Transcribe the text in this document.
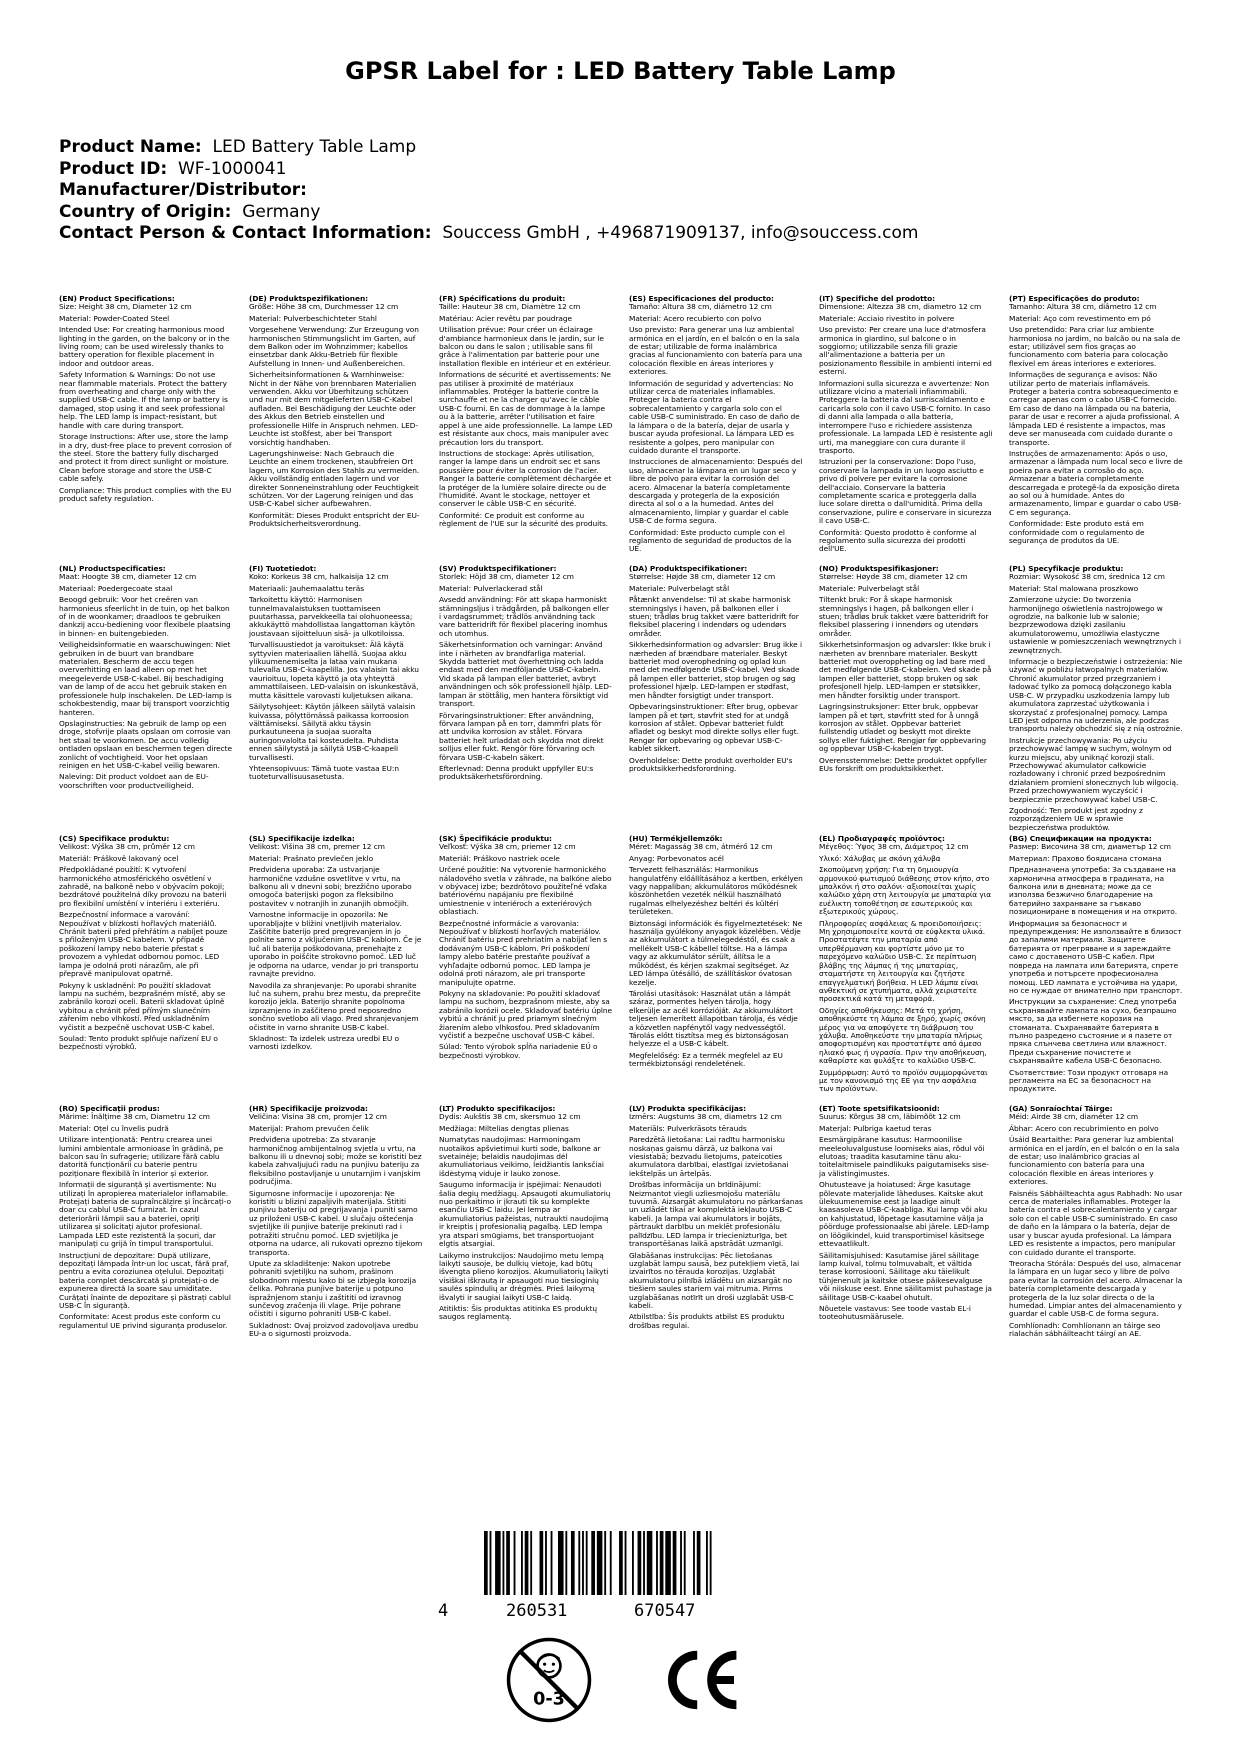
GPSR Label for : LED Battery Table Lamp
Product Name: LED Battery Table Lamp
Product ID: WF-1000041
Manufacturer/Distributor:
Country of Origin: Germany
Contact Person & Contact Information: Souccess GmbH , +496871909137, info@souccess.com
(EN) Product Specifications:

Size: Height 38 cm, Diameter 12 cm

Material: Powder-Coated Steel

Intended Use: For creating harmonious mood lighting in the garden, on the balcony or in the living room; can be used wirelessly thanks to battery operation for flexible placement in indoor and outdoor areas.

Safety Information & Warnings: Do not use near flammable materials. Protect the battery from overheating and charge only with the supplied USB-C cable. If the lamp or battery is damaged, stop using it and seek professional help. The LED lamp is impact-resistant, but handle with care during transport.

Storage Instructions: After use, store the lamp in a dry, dust-free place to prevent corrosion of the steel. Store the battery fully discharged and protect it from direct sunlight or moisture. Clean before storage and store the USB-C cable safely.

Compliance: This product complies with the EU product safety regulation.

(DE) Produktspezifikationen:

Größe: Höhe 38 cm, Durchmesser 12 cm

Material: Pulverbeschichteter Stahl

Vorgesehene Verwendung: Zur Erzeugung von harmonischen Stimmungslicht im Garten, auf dem Balkon oder im Wohnzimmer; kabellos einsetzbar dank Akku-Betrieb für flexible Aufstellung in Innen- und Außenbereichen.

Sicherheitsinformationen & Warnhinweise: Nicht in der Nähe von brennbaren Materialien verwenden. Akku vor Überhitzung schützen und nur mit dem mitgelieferten USB-C-Kabel aufladen. Bei Beschädigung der Leuchte oder des Akkus den Betrieb einstellen und professionelle Hilfe in Anspruch nehmen. LED-Leuchte ist stoßfest, aber bei Transport vorsichtig handhaben.

Lagerungshinweise: Nach Gebrauch die Leuchte an einem trockenen, staubfreien Ort lagern, um Korrosion des Stahls zu vermeiden. Akku vollständig entladen lagern und vor direkter Sonneneinstrahlung oder Feuchtigkeit schützen. Vor der Lagerung reinigen und das USB-C-Kabel sicher aufbewahren.

Konformität: Dieses Produkt entspricht der EU-Produktsicherheitsverordnung.

(FR) Spécifications du produit:

Taille: Hauteur 38 cm, Diamètre 12 cm

Matériau: Acier revêtu par poudrage

Utilisation prévue: Pour créer un éclairage d'ambiance harmonieux dans le jardin, sur le balcon ou dans le salon ; utilisable sans fil grâce à l'alimentation par batterie pour une installation flexible en intérieur et en extérieur.

Informations de sécurité et avertissements: Ne pas utiliser à proximité de matériaux inflammables. Protéger la batterie contre la surchauffe et ne la charger qu'avec le câble USB-C fourni. En cas de dommage à la lampe ou à la batterie, arrêter l'utilisation et faire appel à une aide professionnelle. La lampe LED est résistante aux chocs, mais manipuler avec précaution lors du transport.

Instructions de stockage: Après utilisation, ranger la lampe dans un endroit sec et sans poussière pour éviter la corrosion de l'acier. Ranger la batterie complètement déchargée et la protéger de la lumière solaire directe ou de l'humidité. Avant le stockage, nettoyer et conserver le câble USB-C en sécurité.

Conformité: Ce produit est conforme au règlement de l'UE sur la sécurité des produits.

(ES) Especificaciones del producto:

Tamaño: Altura 38 cm, diámetro 12 cm

Material: Acero recubierto con polvo

Uso previsto: Para generar una luz ambiental armónica en el jardín, en el balcón o en la sala de estar; utilizable de forma inalámbrica gracias al funcionamiento con batería para una colocación flexible en áreas interiores y exteriores.

Información de seguridad y advertencias: No utilizar cerca de materiales inflamables. Proteger la batería contra el sobrecalentamiento y cargarla solo con el cable USB-C suministrado. En caso de daño de la lámpara o de la batería, dejar de usarla y buscar ayuda profesional. La lámpara LED es resistente a golpes, pero manipular con cuidado durante el transporte.

Instrucciones de almacenamiento: Después del uso, almacenar la lámpara en un lugar seco y libre de polvo para evitar la corrosión del acero. Almacenar la batería completamente descargada y protegerla de la exposición directa al sol o a la humedad. Antes del almacenamiento, limpiar y guardar el cable USB-C de forma segura.

Conformidad: Este producto cumple con el reglamento de seguridad de productos de la UE.

(IT) Specifiche del prodotto:

Dimensione: Altezza 38 cm, diametro 12 cm

Materiale: Acciaio rivestito in polvere

Uso previsto: Per creare una luce d'atmosfera armonica in giardino, sul balcone o in soggiorno; utilizzabile senza fili grazie all'alimentazione a batteria per un posizionamento flessibile in ambienti interni ed esterni.

Informazioni sulla sicurezza e avvertenze: Non utilizzare vicino a materiali infiammabili. Proteggere la batteria dal surriscaldamento e caricarla solo con il cavo USB-C fornito. In caso di danni alla lampada o alla batteria, interrompere l'uso e richiedere assistenza professionale. La lampada LED è resistente agli urti, ma maneggiare con cura durante il trasporto.

Istruzioni per la conservazione: Dopo l'uso, conservare la lampada in un luogo asciutto e privo di polvere per evitare la corrosione dell'acciaio. Conservare la batteria completamente scarica e proteggerla dalla luce solare diretta o dall'umidità. Prima della conservazione, pulire e conservare in sicurezza il cavo USB-C.

Conformità: Questo prodotto è conforme al regolamento sulla sicurezza dei prodotti dell'UE.

(PT) Especificações do produto:

Tamanho: Altura 38 cm, diâmetro 12 cm

Material: Aço com revestimento em pó

Uso pretendido: Para criar luz ambiente harmoniosa no jardim, no balcão ou na sala de estar; utilizável sem fios graças ao funcionamento com bateria para colocação flexível em áreas interiores e exteriores.

Informações de segurança e avisos: Não utilizar perto de materiais inflamáveis. Proteger a bateria contra sobreaquecimento e carregar apenas com o cabo USB-C fornecido. Em caso de dano na lâmpada ou na bateria, parar de usar e recorrer a ajuda profissional. A lâmpada LED é resistente a impactos, mas deve ser manuseada com cuidado durante o transporte.

Instruções de armazenamento: Após o uso, armazenar a lâmpada num local seco e livre de poeira para evitar a corrosão do aço. Armazenar a bateria completamente descarregada e protegê-la da exposição direta ao sol ou à humidade. Antes do armazenamento, limpar e guardar o cabo USB-C em segurança.

Conformidade: Este produto está em conformidade com o regulamento de segurança de produtos da UE.

(NL) Productspecificaties:

Maat: Hoogte 38 cm, diameter 12 cm

Materiaal: Poedergecoate staal

Beoogd gebruik: Voor het creëren van harmonieus sfeerlicht in de tuin, op het balkon of in de woonkamer; draadloos te gebruiken dankzij accu-bediening voor flexibele plaatsing in binnen- en buitengebieden.

Veiligheidsinformatie en waarschuwingen: Niet gebruiken in de buurt van brandbare materialen. Bescherm de accu tegen oververhitting en laad alleen op met het meegeleverde USB-C-kabel. Bij beschadiging van de lamp of de accu het gebruik staken en professionele hulp inschakelen. De LED-lamp is schokbestendig, maar bij transport voorzichtig hanteren.

Opslaginstructies: Na gebruik de lamp op een droge, stofvrije plaats opslaan om corrosie van het staal te voorkomen. De accu volledig ontladen opslaan en beschermen tegen directe zonlicht of vochtigheid. Voor het opslaan reinigen en het USB-C-kabel veilig bewaren.

Naleving: Dit product voldoet aan de EU-voorschriften voor productveiligheid.

(FI) Tuotetiedot:

Koko: Korkeus 38 cm, halkaisija 12 cm

Materiaali: Jauhemaalattu teräs

Tarkoitettu käyttö: Harmonisen tunnelmavalaistuksen tuottamiseen puutarhassa, parvekkeella tai olohuoneessa; akkukäyttö mahdollistaa langattoman käytön joustavaan sijoitteluun sisä- ja ulkotiloissa.

Turvallisuustiedot ja varoitukset: Älä käytä syttyvien materiaalien lähellä. Suojaa akku ylikuumenemiselta ja lataa vain mukana tulevalla USB-C-kaapelilla. Jos valaisin tai akku vaurioituu, lopeta käyttö ja ota yhteyttä ammattilaiseen. LED-valaisin on iskunkestävä, mutta käsittele varovasti kuljetuksen aikana.

Säilytysohjeet: Käytön jälkeen säilytä valaisin kuivassa, pölyttömässä paikassa korroosion välttämiseksi. Säilytä akku täysin purkautuneena ja suojaa suoralta auringonvalolta tai kosteudelta. Puhdista ennen säilytystä ja säilytä USB-C-kaapeli turvallisesti.

Yhteensopivuus: Tämä tuote vastaa EU:n tuoteturvallisuusasetusta.

(SV) Produktspecifikationer:

Storlek: Höjd 38 cm, diameter 12 cm

Material: Pulverlackerad stål

Avsedd användning: För att skapa harmoniskt stämningsljus i trädgården, på balkongen eller i vardagsrummet; trådlös användning tack vare batteridrift för flexibel placering inomhus och utomhus.

Säkerhetsinformation och varningar: Använd inte i närheten av brandfarliga material. Skydda batteriet mot överhettning och ladda endast med den medföljande USB-C-kabeln. Vid skada på lampan eller batteriet, avbryt användningen och sök professionell hjälp. LED-lampan är stöttålig, men hantera försiktigt vid transport.

Förvaringsinstruktioner: Efter användning, förvara lampan på en torr, dammfri plats för att undvika korrosion av stålet. Förvara batteriet helt urladdat och skydda mot direkt solljus eller fukt. Rengör före förvaring och förvara USB-C-kabeln säkert.

Efterlevnad: Denna produkt uppfyller EU:s produktsäkerhetsförordning.

(DA) Produktspecifikationer:

Størrelse: Højde 38 cm, diameter 12 cm

Materiale: Pulverbelagt stål

Påtænkt anvendelse: Til at skabe harmonisk stemningslys i haven, på balkonen eller i stuen; trådløs brug takket være batteridrift for fleksibel placering i indendørs og udendørs områder.

Sikkerhedsinformation og advarsler: Brug ikke i nærheden af brændbare materialer. Beskyt batteriet mod overophedning og oplad kun med det medfølgende USB-C-kabel. Ved skade på lampen eller batteriet, stop brugen og søg professionel hjælp. LED-lampen er stødfast, men håndter forsigtigt under transport.

Opbevaringsinstruktioner: Efter brug, opbevar lampen på et tørt, støvfrit sted for at undgå korrosion af stålet. Opbevar batteriet fuldt afladet og beskyt mod direkte sollys eller fugt. Rengør før opbevaring og opbevar USB-C-kablet sikkert.

Overholdelse: Dette produkt overholder EU's produktsikkerhedsforordning.

(NO) Produktspesifikasjoner:

Størrelse: Høyde 38 cm, diameter 12 cm

Materiale: Pulverbelagt stål

Tiltenkt bruk: For å skape harmonisk stemningslys i hagen, på balkongen eller i stuen; trådløs bruk takket være batteridrift for fleksibel plassering i innendørs og utendørs områder.

Sikkerhetsinformasjon og advarsler: Ikke bruk i nærheten av brennbare materialer. Beskytt batteriet mot overoppheting og lad bare med det medfølgende USB-C-kabelen. Ved skade på lampen eller batteriet, stopp bruken og søk profesjonell hjelp. LED-lampen er støtsikker, men håndter forsiktig under transport.

Lagringsinstruksjoner: Etter bruk, oppbevar lampen på et tørt, støvfritt sted for å unngå korrosjon av stålet. Oppbevar batteriet fullstendig utladet og beskytt mot direkte sollys eller fuktighet. Rengjør før oppbevaring og oppbevar USB-C-kabelen trygt.

Overensstemmelse: Dette produktet oppfyller EUs forskrift om produktsikkerhet.

(PL) Specyfikacje produktu:

Rozmiar: Wysokość 38 cm, średnica 12 cm

Materiał: Stal malowana proszkowo

Zamierzone użycie: Do tworzenia harmonijnego oświetlenia nastrojowego w ogrodzie, na balkonie lub w salonie; bezprzewodowa dzięki zasilaniu akumulatorowemu, umożliwia elastyczne ustawienie w pomieszczeniach wewnętrznych i zewnętrznych.

Informacje o bezpieczeństwie i ostrzeżenia: Nie używać w pobliżu łatwopalnych materiałów. Chronić akumulator przed przegrzaniem i ładować tylko za pomocą dołączonego kabla USB-C. W przypadku uszkodzenia lampy lub akumulatora zaprzestać użytkowania i skorzystać z profesjonalnej pomocy. Lampa LED jest odporna na uderzenia, ale podczas transportu należy obchodzić się z nią ostrożnie.

Instrukcje przechowywania: Po użyciu przechowywać lampę w suchym, wolnym od kurzu miejscu, aby uniknąć korozji stali. Przechowywać akumulator całkowicie rozładowany i chronić przed bezpośrednim działaniem promieni słonecznych lub wilgocią. Przed przechowywaniem wyczyścić i bezpiecznie przechowywać kabel USB-C.

Zgodność: Ten produkt jest zgodny z rozporządzeniem UE w sprawie bezpieczeństwa produktów.

(CS) Specifikace produktu:

Velikost: Výška 38 cm, průměr 12 cm

Materiál: Práškově lakovaný ocel

Předpokládané použití: K vytvoření harmonického atmosférického osvětlení v zahradě, na balkoně nebo v obývacím pokoji; bezdrátové použitelná díky provozu na baterii pro flexibilní umístění v interiéru i exteriéru.

Bezpečnostní informace a varování: Nepoužívat v blízkosti hořlavých materiálů. Chránit baterii před přehřátím a nabíjet pouze s přiloženým USB-C kabelem. V případě poškození lampy nebo baterie přestat s provozem a vyhledat odbornou pomoc. LED lampa je odolná proti nárazům, ale při přepravě manipulovat opatrně.

Pokyny k uskladnění: Po použití skladovat lampu na suchém, bezprašném místě, aby se zabránilo korozi oceli. Baterii skladovat úplně vybitou a chránit před přímým slunečním zářením nebo vlhkostí. Před uskladněním vyčistit a bezpečně uschovat USB-C kabel.

Soulad: Tento produkt splňuje nařízení EU o bezpečnosti výrobků.

(SL) Specifikacije izdelka:

Velikost: Višina 38 cm, premer 12 cm

Material: Prašnato prevlečen jeklo

Predvidena uporaba: Za ustvarjanje harmonične vzdušne osvetlitve v vrtu, na balkonu ali v dnevni sobi; brezžično uporabo omogoča baterijski pogon za fleksibilno postavitev v notranjih in zunanjih območjih.

Varnostne informacije in opozorila: Ne uporabljajte v bližini vnetljivih materialov. Zaščitite baterijo pred pregrevanjem in jo polnite samo z vključenim USB-C kablom. Če je luč ali baterija poškodovana, prenehajte z uporabo in poiščite strokovno pomoč. LED luč je odporna na udarce, vendar jo pri transportu ravnajte previdno.

Navodila za shranjevanje: Po uporabi shranite luč na suhem, prahu brez mestu, da preprečite korozijo jekla. Baterijo shranite popolnoma izpraznjeno in zaščiteno pred neposredno sončno svetlobo ali vlago. Pred shranjevanjem očistite in varno shranite USB-C kabel.

Skladnost: Ta izdelek ustreza uredbi EU o varnosti izdelkov.

(SK) Špecifikácie produktu:

Veľkosť: Výška 38 cm, priemer 12 cm

Materiál: Práškovo nastriek ocele

Určené použitie: Na vytvorenie harmonického náladového svetla v záhrade, na balkóne alebo v obývacej izbe; bezdrôtovo použiteľné vďaka batériovému napájaniu pre flexibilné umiestnenie v interiéroch a exteriérových oblastiach.

Bezpečnostné informácie a varovania: Nepoužívať v blízkosti horľavých materiálov. Chrániť batériu pred prehriatím a nabíjať len s dodávaným USB-C káblom. Pri poškodení lampy alebo batérie prestaňte používať a vyhľadajte odbornú pomoc. LED lampa je odolná proti nárazom, ale pri transporte manipulujte opatrne.

Pokyny na skladovanie: Po použití skladovať lampu na suchom, bezprašnom mieste, aby sa zabránilo korózii ocele. Skladovať batériu úplne vybitú a chrániť ju pred priamym slnečným žiarením alebo vlhkosťou. Pred skladovaním vyčistiť a bezpečne uschovať USB-C kábel.

Súlad: Tento výrobok spĺňa nariadenie EÚ o bezpečnosti výrobkov.

(HU) Termékjellemzők:

Méret: Magasság 38 cm, átmérő 12 cm

Anyag: Porbevonatos acél

Tervezett felhasználás: Harmonikus hangulatfény előállításához a kertben, erkélyen vagy nappaliban; akkumulátoros működésnek köszönhetően vezeték nélkül használható rugalmas elhelyezéshez beltéri és kültéri területeken.

Biztonsági információk és figyelmeztetések: Ne használja gyúlékony anyagok közelében. Védje az akkumulátort a túlmelegedéstől, és csak a mellékelt USB-C kábellel töltse. Ha a lámpa vagy az akkumulátor sérült, állítsa le a működést, és kérjen szakmai segítséget. Az LED lámpa ütésálló, de szállításkor óvatosan kezelje.

Tárolási utasítások: Használat után a lámpát száraz, pormentes helyen tárolja, hogy elkerülje az acél korrózióját. Az akkumulátort teljesen lemerített állapotban tárolja, és védje a közvetlen napfénytől vagy nedvességtől. Tárolás előtt tisztítsa meg és biztonságosan helyezze el a USB-C kábelt.

Megfelelőség: Ez a termék megfelel az EU termékbiztonsági rendeletének.

(EL) Προδιαγραφές προϊόντος:

Μέγεθος: Ύψος 38 cm, Διάμετρος 12 cm

Υλικό: Χάλυβας με σκόνη χάλυβα

Σκοπούμενη χρήση: Για τη δημιουργία αρμονικού φωτισμού διάθεσης στον κήπο, στο μπαλκόνι ή στο σαλόνι· αξιοποιείται χωρίς καλώδιο χάρη στη λειτουργία με μπαταρία για ευέλικτη τοποθέτηση σε εσωτερικούς και εξωτερικούς χώρους.

Πληροφορίες ασφάλειας & προειδοποιήσεις: Μη χρησιμοποιείτε κοντά σε εύφλεκτα υλικά. Προστατέψτε την μπαταρία από υπερθέρμανση και φορτίστε μόνο με το παρεχόμενο καλώδιο USB-C. Σε περίπτωση βλάβης της λάμπας ή της μπαταρίας, σταματήστε τη λειτουργία και ζητήστε επαγγελματική βοήθεια. Η LED λάμπα είναι ανθεκτική σε χτυπήματα, αλλά χειριστείτε προσεκτικά κατά τη μεταφορά.

Οδηγίες αποθήκευσης: Μετά τη χρήση, αποθηκεύστε τη λάμπα σε ξηρό, χωρίς σκόνη μέρος για να αποφύγετε τη διάβρωση του χάλυβα. Αποθηκεύστε την μπαταρία πλήρως αποφορτισμένη και προστατέψτε από άμεσο ηλιακό φως ή υγρασία. Πριν την αποθήκευση, καθαρίστε και φυλάξτε το καλώδιο USB-C.

Συμμόρφωση: Αυτό το προϊόν συμμορφώνεται με τον κανονισμό της ΕΕ για την ασφάλεια των προϊόντων.

(BG) Спецификации на продукта:

Размер: Височина 38 cm, диаметър 12 cm

Материал: Прахово боядисана стомана

Предназначена употреба: За създаване на хармонична атмосфера в градината, на балкона или в дневната; може да се използва безжично благодарение на батерийно захранване за гъвкаво позициониране в помещения и на открито.

Информация за безопасност и предупреждения: Не използвайте в близост до запалими материали. Защитете батерията от прегряване и я зареждайте само с доставеното USB-C кабел. При повреда на лампата или батерията, спрете употреба и потърсете професионална помощ. LED лампата е устойчива на удари, но се нуждае от внимателно при транспорт.

Инструкции за съхранение: След употреба съхранявайте лампата на сухо, безпрашно място, за да избегнете корозия на стоманата. Съхранявайте батерията в пълно разредено състояние и я пазете от пряка слънчева светлина или влажност. Преди съхранение почистете и съхранявайте кабела USB-C безопасно.

Съответствие: Този продукт отговаря на регламента на ЕС за безопасност на продуктите.

(RO) Specificații produs:

Mărime: Înălțime 38 cm, Diametru 12 cm

Material: Oțel cu învelis pudră

Utilizare intenționată: Pentru crearea unei lumini ambientale armonioase în grădină, pe balcon sau în sufragerie; utilizare fără cablu datorită funcționării cu baterie pentru poziționare flexibilă în interior și exterior.

Informații de siguranță și avertismente: Nu utilizați în apropierea materialelor inflamabile. Protejați bateria de supraîncălzire și încărcați-o doar cu cablul USB-C furnizat. În cazul deteriorării lămpii sau a bateriei, opriți utilizarea și solicitați ajutor profesional. Lampada LED este rezistentă la șocuri, dar manipulați cu grijă în timpul transportului.

Instrucțiuni de depozitare: După utilizare, depozitați lămpada într-un loc uscat, fără praf, pentru a evita coroziunea oțelului. Depozitați bateria complet descărcată și protejați-o de expunerea directă la soare sau umiditate. Curățați înainte de depozitare și păstrați cablul USB-C în siguranță.

Conformitate: Acest produs este conform cu regulamentul UE privind siguranța produselor.

(HR) Specifikacije proizvoda:

Veličina: Visina 38 cm, promjer 12 cm

Materijal: Prahom prevučen čelik

Predviđena upotreba: Za stvaranje harmoničnog ambijentalnog svjetla u vrtu, na balkonu ili u dnevnoj sobi; može se koristiti bez kabela zahvaljujući radu na punjivu bateriju za fleksibilno postavljanje u unutarnjim i vanjskim područjima.

Sigurnosne informacije i upozorenja: Ne koristiti u blizini zapaljivih materijala. Štititi punjivu bateriju od pregrijavanja i puniti samo uz priloženi USB-C kabel. U slučaju oštećenja svjetiljke ili punjive baterije prekinuti rad i potražiti stručnu pomoć. LED svjetiljka je otporna na udarce, ali rukovati oprezno tijekom transporta.

Upute za skladištenje: Nakon upotrebe pohraniti svjetiljku na suhom, prašinom slobodnom mjestu kako bi se izbjegla korozija čelika. Pohrana punjive baterije u potpuno ispražnjenom stanju i zaštititi od izravnog sunčevog zračenja ili vlage. Prije pohrane očistiti i sigurno pohraniti USB-C kabel.

Sukladnost: Ovaj proizvod zadovoljava uredbu EU-a o sigurnosti proizvoda.

(LT) Produkto specifikacijos:

Dydis: Aukštis 38 cm, skersmuo 12 cm

Medžiaga: Miltelias dengtas plienas

Numatytas naudojimas: Harmoningam nuotaikos apšvietimui kurti sode, balkone ar svetainėje; belaidis naudojimas dėl akumuliatoriaus veikimo, leidžiantis lanksčiai išdėstymą viduje ir lauko zonose.

Saugumo informacija ir įspėjimai: Nenaudoti šalia degių medžiagų. Apsaugoti akumuliatorių nuo perkaitimo ir įkrauti tik su komplekte esančiu USB-C laidu. Jei lempa ar akumuliatorius pažeistas, nutraukti naudojimą ir kreiptis į profesionalią pagalbą. LED lempa yra atspari smūgiams, bet transportuojant elgtis atsargiai.

Laikymo instrukcijos: Naudojimo metu lempą laikyti sausoje, be dulkių vietoje, kad būtų išvengta plieno korozijos. Akumuliatorių laikyti visiškai iškrautą ir apsaugoti nuo tiesioginių saulės spindulių ar drėgmės. Prieš laikymą išvalyti ir saugiai laikyti USB-C laidą.

Atitiktis: Šis produktas atitinka ES produktų saugos reglamentą.

(LV) Produkta specifikācijas:

Izmērs: Augstums 38 cm, diametrs 12 cm

Materiāls: Pulverkrāsots tērauds

Paredzētā lietošana: Lai radītu harmonisku noskaņas gaismu dārzā, uz balkona vai viesistabā; bezvadu lietojums, pateicoties akumulatora darbībai, elastīgai izvietošanai iekštelpās un ārtelpās.

Drošības informācija un brīdinājumi: Neizmantot viegli uzliesmojošu materiālu tuvumā. Aizsargāt akumulatoru no pārkaršanas un uzlādēt tikai ar komplektā iekļauto USB-C kabeli. Ja lampa vai akumulators ir bojāts, pārtraukt darbību un meklēt profesionālu palīdzību. LED lampa ir triecienizturīga, bet transportēšanas laikā apstrādāt uzmanīgi.

Glabāšanas instrukcijas: Pēc lietošanas uzglabāt lampu sausā, bez putekļiem vietā, lai izvairītos no tērauda korozijas. Uzglabāt akumulatoru pilnībā izlādētu un aizsargāt no tiešiem saules stariem vai mitruma. Pirms uzglabāšanas notīrīt un droši uzglabāt USB-C kabeli.

Atbilstība: Šis produkts atbilst ES produktu drošības regulai.

(ET) Toote spetsifikatsioonid:

Suurus: Kõrgus 38 cm, läbimõõt 12 cm

Materjal: Pulbriga kaetud teras

Eesmärgipärane kasutus: Harmoonilise meeleoluvalgustuse loomiseks aias, rõdul või elutoas; traadita kasutamine tänu aku-toitelaitmisele paindlikuks paigutamiseks sise- ja välistingimustes.

Ohutusteave ja hoiatused: Ärge kasutage põlevate materjalide läheduses. Kaitske akut ülekuumenemise eest ja laadige ainult kaasasoleva USB-C-kaabliga. Kui lamp või aku on kahjustatud, lõpetage kasutamine välja ja pöörduge professionaalse abi järele. LED-lamp on löögikindel, kuid transportimisel käsitsege ettevaatlikult.

Säilitamisjuhised: Kasutamise järel säilitage lamp kuival, tolmu tolmuvabalt, et vältida terase korrosiooni. Säilitage aku täielikult tühjenenult ja kaitske otsese päikesevalguse või niiskuse eest. Enne säilitamist puhastage ja säilitage USB-C-kaabel ohutult.

Nõuetele vastavus: See toode vastab EL-i tooteohutusmäärusele.

(GA) Sonraíochtaí Táirge:

Méid: Airde 38 cm, diaméter 12 cm

Ábhar: Acero con recubrimiento en polvo

Úsáid Beartaithe: Para generar luz ambiental armónica en el jardín, en el balcón o en la sala de estar; uso inalámbrico gracias al funcionamiento con batería para una colocación flexible en áreas interiores y exteriores.

Faisnéis Sábháilteachta agus Rabhadh: No usar cerca de materiales inflamables. Proteger la batería contra el sobrecalentamiento y cargar solo con el cable USB-C suministrado. En caso de daño en la lámpara o la batería, dejar de usar y buscar ayuda profesional. La lámpara LED es resistente a impactos, pero manipular con cuidado durante el transporte.

Treoracha Stórála: Después del uso, almacenar la lámpara en un lugar seco y libre de polvo para evitar la corrosión del acero. Almacenar la batería completamente descargada y protegerla de la luz solar directa o de la humedad. Limpiar antes del almacenamiento y guardar el cable USB-C de forma segura.

Comhlíonadh: Comhlíonann an táirge seo rialachán sábháilteacht táirgí an AE.

4	260531	670547
0-3
